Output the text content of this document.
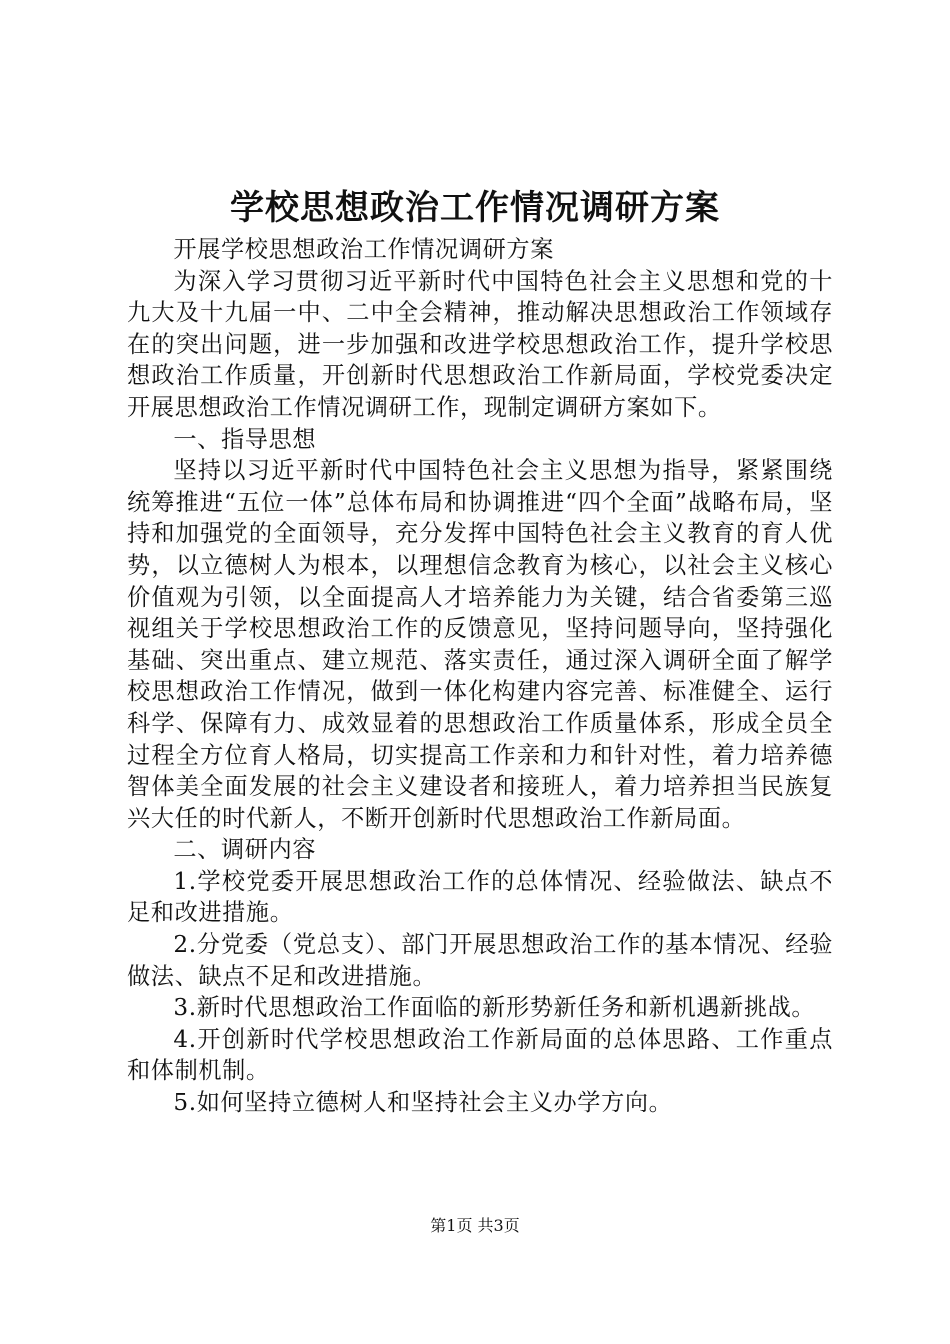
学校思想政治工作情况调研方案

开展学校思想政治工作情况调研方案

为深入学习贯彻习近平新时代中国特色社会主义思想和党的十九大及十九届一中、二中全会精神，推动解决思想政治工作领域存在的突出问题，进一步加强和改进学校思想政治工作，提升学校思想政治工作质量，开创新时代思想政治工作新局面，学校党委决定开展思想政治工作情况调研工作，现制定调研方案如下。

一、指导思想

坚持以习近平新时代中国特色社会主义思想为指导，紧紧围绕统筹推进“五位一体”总体布局和协调推进“四个全面”战略布局，坚持和加强党的全面领导，充分发挥中国特色社会主义教育的育人优势，以立德树人为根本，以理想信念教育为核心，以社会主义核心价值观为引领，以全面提高人才培养能力为关键，结合省委第三巡视组关于学校思想政治工作的反馈意见，坚持问题导向，坚持强化基础、突出重点、建立规范、落实责任，通过深入调研全面了解学校思想政治工作情况，做到一体化构建内容完善、标准健全、运行科学、保障有力、成效显着的思想政治工作质量体系，形成全员全过程全方位育人格局，切实提高工作亲和力和针对性，着力培养德智体美全面发展的社会主义建设者和接班人，着力培养担当民族复兴大任的时代新人，不断开创新时代思想政治工作新局面。

二、调研内容

1.学校党委开展思想政治工作的总体情况、经验做法、缺点不足和改进措施。

2.分党委（党总支）、部门开展思想政治工作的基本情况、经验做法、缺点不足和改进措施。

3.新时代思想政治工作面临的新形势新任务和新机遇新挑战。

4.开创新时代学校思想政治工作新局面的总体思路、工作重点和体制机制。

5.如何坚持立德树人和坚持社会主义办学方向。

第1页 共3页
